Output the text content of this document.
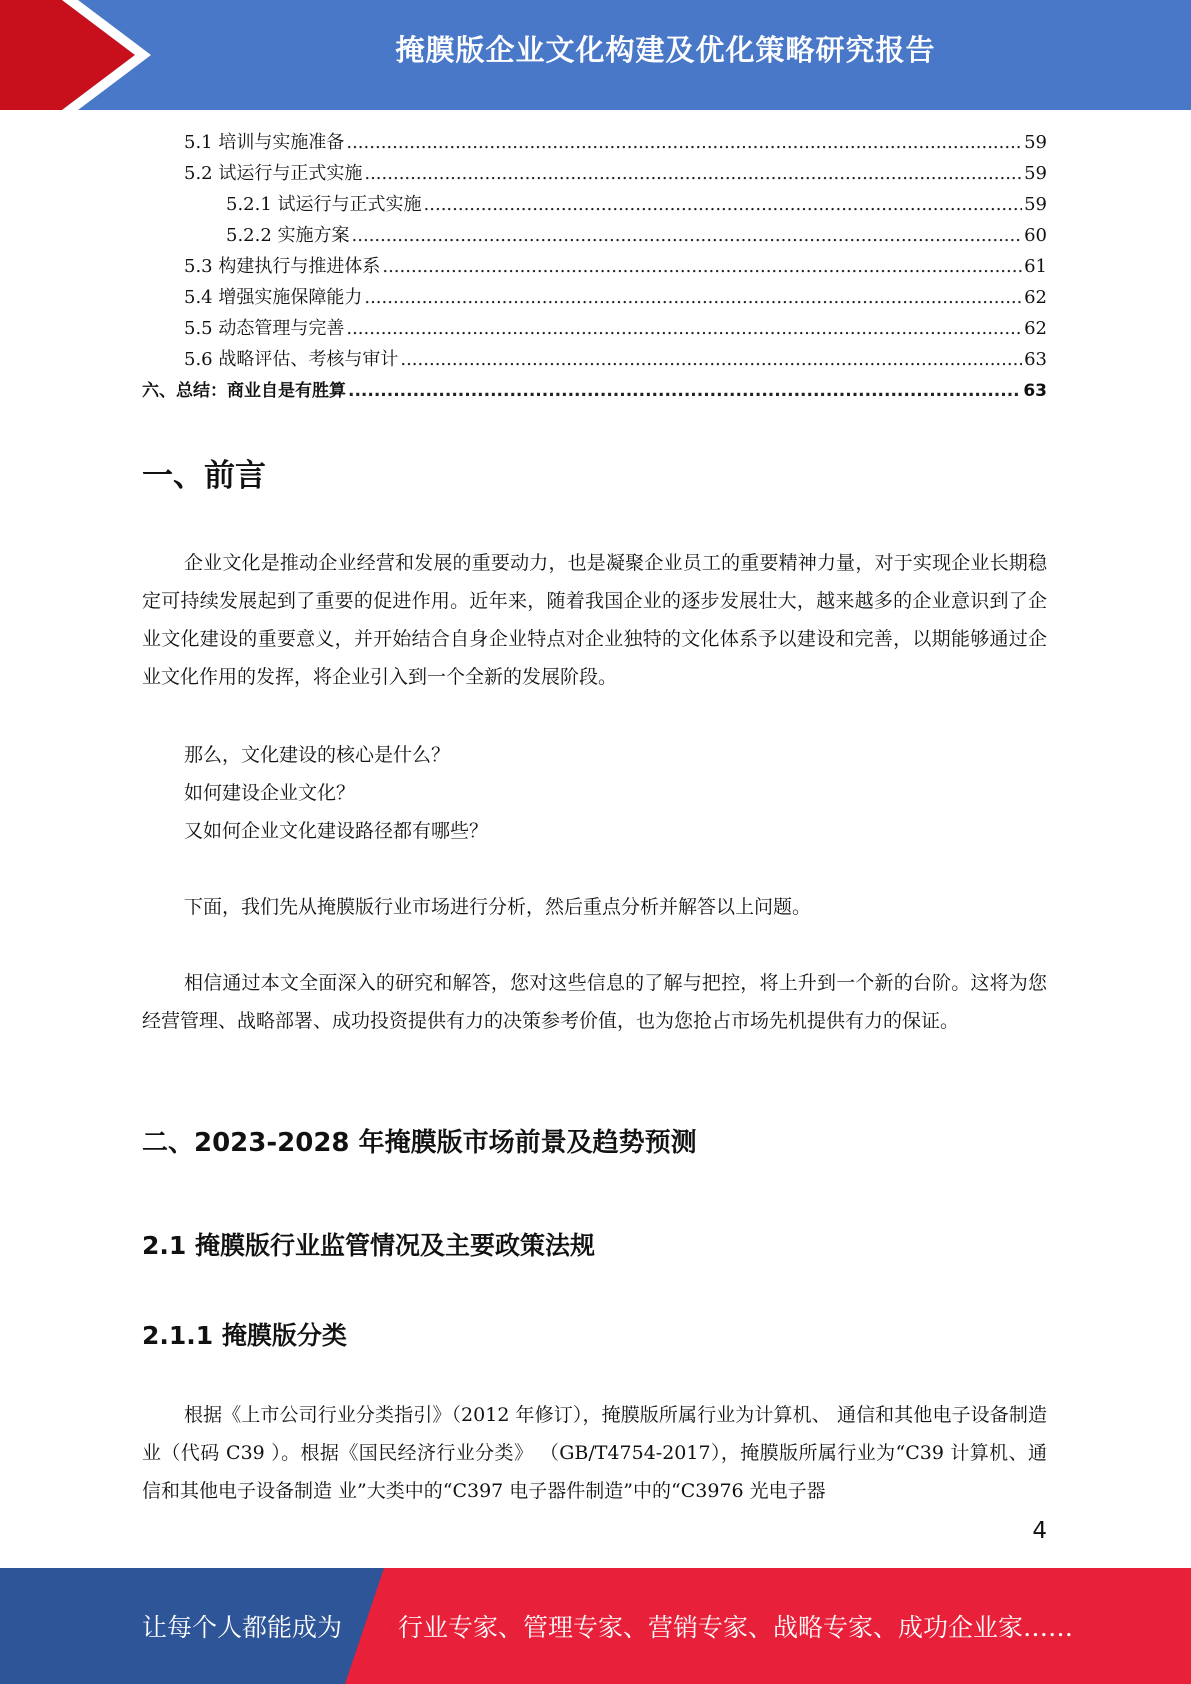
掩膜版企业文化构建及优化策略研究报告
5.1 培训与实施准备 .....	59
5.2 试运行与正式实施 .....	59
5.2.1 试运行与正式实施 .....	59
5.2.2 实施方案 .....	60
5.3 构建执行与推进体系 .....	61
5.4 增强实施保障能力 .....	62
5.5 动态管理与完善 .....	62
5.6 战略评估、考核与审计 .....	63
六、总结：商业自是有胜算 .....	63
一、前言

企业文化是推动企业经营和发展的重要动力，也是凝聚企业员工的重要精神力量，对于实现企业长期稳定可持续发展起到了重要的促进作用。近年来，随着我国企业的逐步发展壮大，越来越多的企业意识到了企业文化建设的重要意义，并开始结合自身企业特点对企业独特的文化体系予以建设和完善，以期能够通过企业文化作用的发挥，将企业引入到一个全新的发展阶段。

那么，文化建设的核心是什么？

如何建设企业文化？

又如何企业文化建设路径都有哪些？

下面，我们先从掩膜版行业市场进行分析，然后重点分析并解答以上问题。

相信通过本文全面深入的研究和解答，您对这些信息的了解与把控，将上升到一个新的台阶。这将为您经营管理、战略部署、成功投资提供有力的决策参考价值，也为您抢占市场先机提供有力的保证。

二、2023-2028 年掩膜版市场前景及趋势预测
2.1 掩膜版行业监管情况及主要政策法规
2.1.1 掩膜版分类

根据《上市公司行业分类指引》（2012 年修订），掩膜版所属行业为计算机、 通信和其他电子设备制造业（代码 C39 ）。根据《国民经济行业分类》 （GB/T4754-2017），掩膜版所属行业为“C39 计算机、通信和其他电子设备制造 业”大类中的“C397 电子器件制造”中的“C3976 光电子器

4
让每个人都能成为 行业专家、管理专家、营销专家、战略专家、成功企业家……
